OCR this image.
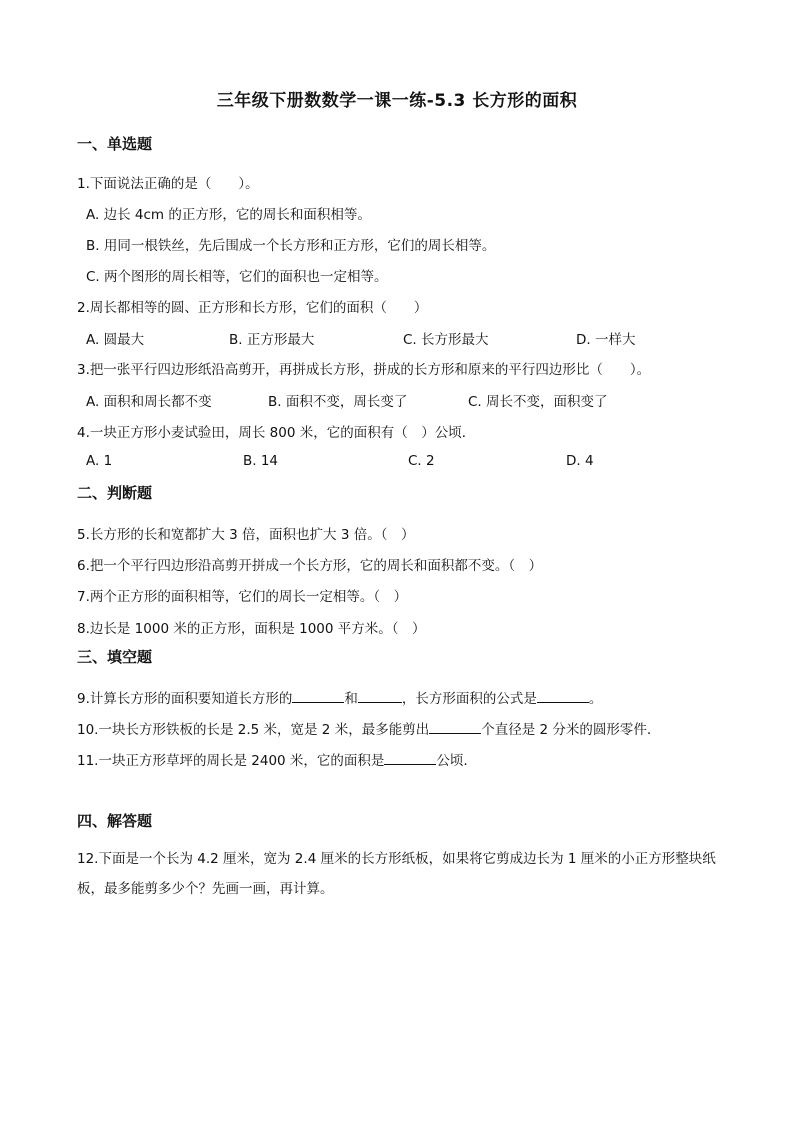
三年级下册数数学一课一练-5.3 长方形的面积
一、单选题
1.下面说法正确的是（　　）。
A. 边长 4cm 的正方形，它的周长和面积相等。
B. 用同一根铁丝，先后围成一个长方形和正方形，它们的周长相等。
C. 两个图形的周长相等，它们的面积也一定相等。
2.周长都相等的圆、正方形和长方形，它们的面积（　　）
A. 圆最大	B. 正方形最大	C. 长方形最大	D. 一样大
3.把一张平行四边形纸沿高剪开，再拼成长方形，拼成的长方形和原来的平行四边形比（　　）。
A. 面积和周长都不变	B. 面积不变，周长变了	C. 周长不变，面积变了
4.一块正方形小麦试验田，周长 800 米，它的面积有（　）公顷．
A. 1	B. 14	C. 2	D. 4
二、判断题
5.长方形的长和宽都扩大 3 倍，面积也扩大 3 倍。（　）
6.把一个平行四边形沿高剪开拼成一个长方形，它的周长和面积都不变。（　）
7.两个正方形的面积相等，它们的周长一定相等。（　）
8.边长是 1000 米的正方形，面积是 1000 平方米。（　）
三、填空题
9.计算长方形的面积要知道长方形的	和	，长方形面积的公式是	。
10.一块长方形铁板的长是 2.5 米，宽是 2 米，最多能剪出	个直径是 2 分米的圆形零件.
11.一块正方形草坪的周长是 2400 米，它的面积是	公顷.
四、解答题
12.下面是一个长为 4.2 厘米，宽为 2.4 厘米的长方形纸板，如果将它剪成边长为 1 厘米的小正方形整块纸板，最多能剪多少个？先画一画，再计算。
